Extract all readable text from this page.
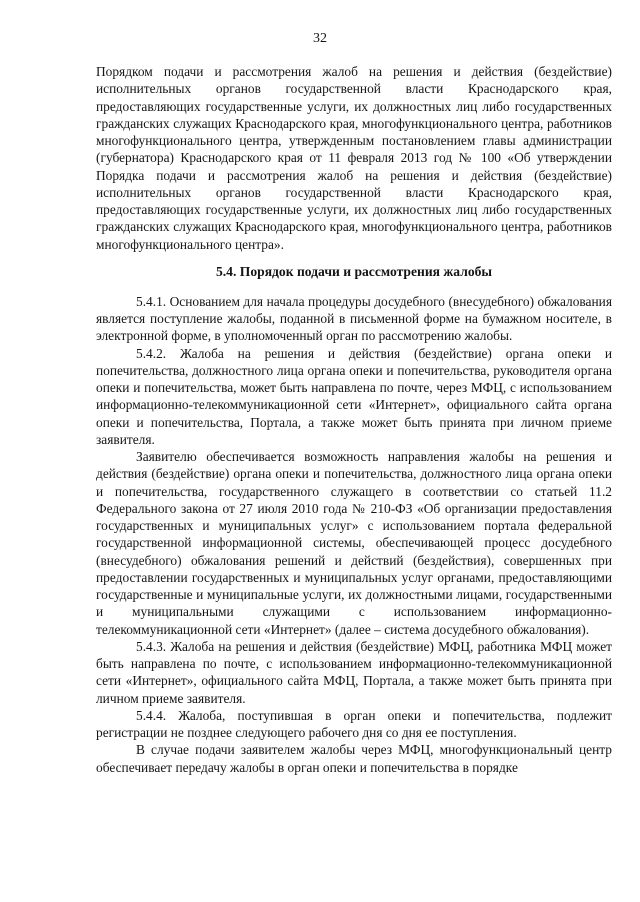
32

Порядком подачи и рассмотрения жалоб на решения и действия (бездействие) исполнительных органов государственной власти Краснодарского края, предоставляющих государственные услуги, их должностных лиц либо государственных гражданских служащих Краснодарского края, многофункционального центра, работников многофункционального центра, утвержденным постановлением главы администрации (губернатора) Краснодарского края от 11 февраля 2013 год № 100 «Об утверждении Порядка подачи и рассмотрения жалоб на решения и действия (бездействие) исполнительных органов государственной власти Краснодарского края, предоставляющих государственные услуги, их должностных лиц либо государственных гражданских служащих Краснодарского края, многофункционального центра, работников многофункционального центра».

5.4. Порядок подачи и рассмотрения жалобы

5.4.1. Основанием для начала процедуры досудебного (внесудебного) обжалования является поступление жалобы, поданной в письменной форме на бумажном носителе, в электронной форме, в уполномоченный орган по рассмотрению жалобы.

5.4.2. Жалоба на решения и действия (бездействие) органа опеки и попечительства, должностного лица органа опеки и попечительства, руководителя органа опеки и попечительства, может быть направлена по почте, через МФЦ, с использованием информационно-телекоммуникационной сети «Интернет», официального сайта органа опеки и попечительства, Портала, а также может быть принята при личном приеме заявителя.

Заявителю обеспечивается возможность направления жалобы на решения и действия (бездействие) органа опеки и попечительства, должностного лица органа опеки и попечительства, государственного служащего в соответствии со статьей 11.2 Федерального закона от 27 июля 2010 года № 210-ФЗ «Об организации предоставления государственных и муниципальных услуг» с использованием портала федеральной государственной информационной системы, обеспечивающей процесс досудебного (внесудебного) обжалования решений и действий (бездействия), совершенных при предоставлении государственных и муниципальных услуг органами, предоставляющими государственные и муниципальные услуги, их должностными лицами, государственными и муниципальными служащими с использованием информационно-телекоммуникационной сети «Интернет» (далее – система досудебного обжалования).

5.4.3. Жалоба на решения и действия (бездействие) МФЦ, работника МФЦ может быть направлена по почте, с использованием информационно-телекоммуникационной сети «Интернет», официального сайта МФЦ, Портала, а также может быть принята при личном приеме заявителя.

5.4.4. Жалоба, поступившая в орган опеки и попечительства, подлежит регистрации не позднее следующего рабочего дня со дня ее поступления.

В случае подачи заявителем жалобы через МФЦ, многофункциональный центр обеспечивает передачу жалобы в орган опеки и попечительства в порядке
